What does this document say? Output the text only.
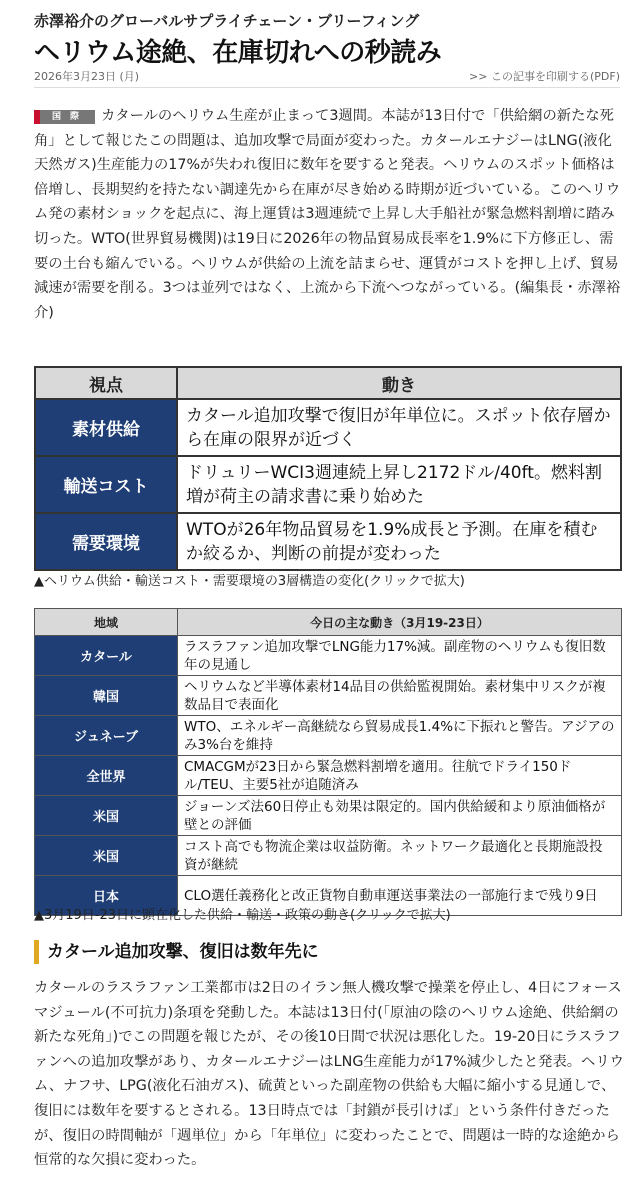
赤澤裕介のグローバルサプライチェーン・ブリーフィング
ヘリウム途絶、在庫切れへの秒読み
2026年3月23日 (月)	>> この記事を印刷する(PDF)
国　際 カタールのヘリウム生産が止まって3週間。本誌が13日付で「供給網の新たな死角」として報じたこの問題は、追加攻撃で局面が変わった。カタールエナジーはLNG(液化天然ガス)生産能力の17%が失われ復旧に数年を要すると発表。ヘリウムのスポット価格は倍増し、長期契約を持たない調達先から在庫が尽き始める時期が近づいている。このヘリウム発の素材ショックを起点に、海上運賃は3週連続で上昇し大手船社が緊急燃料割増に踏み切った。WTO(世界貿易機関)は19日に2026年の物品貿易成長率を1.9%に下方修正し、需要の土台も縮んでいる。ヘリウムが供給の上流を詰まらせ、運賃がコストを押し上げ、貿易減速が需要を削る。3つは並列ではなく、上流から下流へつながっている。(編集長・赤澤裕介)
視点	動き
素材供給	カタール追加攻撃で復旧が年単位に。スポット依存層から在庫の限界が近づく
輸送コスト	ドリュリーWCI3週連続上昇し2172ドル/40ft。燃料割増が荷主の請求書に乗り始めた
需要環境	WTOが26年物品貿易を1.9%成長と予測。在庫を積むか絞るか、判断の前提が変わった
▲ヘリウム供給・輸送コスト・需要環境の3層構造の変化(クリックで拡大)
地域	今日の主な動き（3月19-23日）
カタール	ラスラファン追加攻撃でLNG能力17%減。副産物のヘリウムも復旧数年の見通し
韓国	ヘリウムなど半導体素材14品目の供給監視開始。素材集中リスクが複数品目で表面化
ジュネーブ	WTO、エネルギー高継続なら貿易成長1.4%に下振れと警告。アジアのみ3%台を維持
全世界	CMACGMが23日から緊急燃料割増を適用。往航でドライ150ドル/TEU、主要5社が追随済み
米国	ジョーンズ法60日停止も効果は限定的。国内供給緩和より原油価格が壁との評価
米国	コスト高でも物流企業は収益防衛。ネットワーク最適化と長期施設投資が継続
日本	CLO選任義務化と改正貨物自動車運送事業法の一部施行まで残り9日
▲3月19日-23日に顕在化した供給・輸送・政策の動き(クリックで拡大)
カタール追加攻撃、復旧は数年先に
カタールのラスラファン工業都市は2日のイラン無人機攻撃で操業を停止し、4日にフォースマジュール(不可抗力)条項を発動した。本誌は13日付(「原油の陰のヘリウム途絶、供給網の新たな死角」)でこの問題を報じたが、その後10日間で状況は悪化した。19-20日にラスラファンへの追加攻撃があり、カタールエナジーはLNG生産能力が17%減少したと発表。ヘリウム、ナフサ、LPG(液化石油ガス)、硫黄といった副産物の供給も大幅に縮小する見通しで、復旧には数年を要するとされる。13日時点では「封鎖が長引けば」という条件付きだったが、復旧の時間軸が「週単位」から「年単位」に変わったことで、問題は一時的な途絶から恒常的な欠損に変わった。
